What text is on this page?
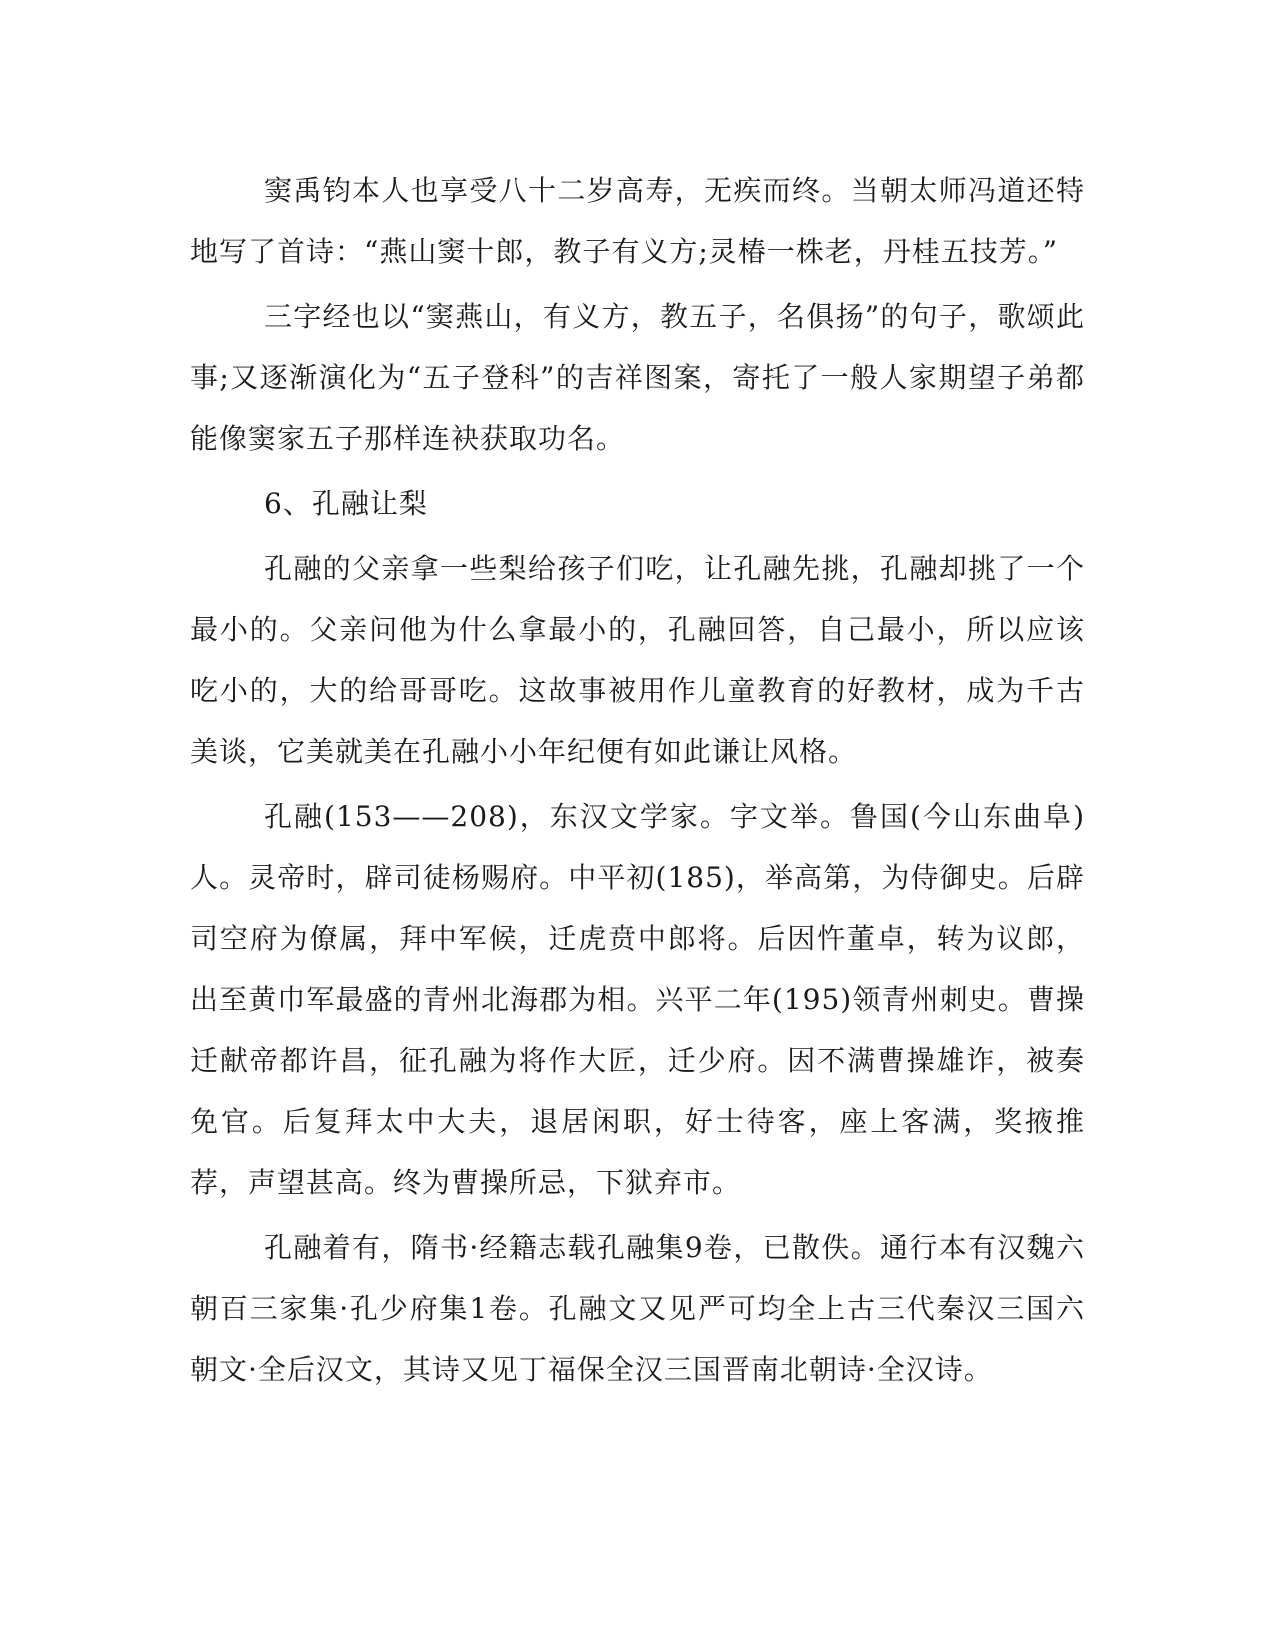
窦禹钧本人也享受八十二岁高寿，无疾而终。当朝太师冯道还特地写了首诗：“燕山窦十郎，教子有义方;灵椿一株老，丹桂五技芳。”

三字经也以“窦燕山，有义方，教五子，名俱扬”的句子，歌颂此事;又逐渐演化为“五子登科”的吉祥图案，寄托了一般人家期望子弟都能像窦家五子那样连袂获取功名。

6、孔融让梨

孔融的父亲拿一些梨给孩子们吃，让孔融先挑，孔融却挑了一个最小的。父亲问他为什么拿最小的，孔融回答，自己最小，所以应该吃小的，大的给哥哥吃。这故事被用作儿童教育的好教材，成为千古美谈，它美就美在孔融小小年纪便有如此谦让风格。

孔融(153——208)，东汉文学家。字文举。鲁国(今山东曲阜)人。灵帝时，辟司徒杨赐府。中平初(185)，举高第，为侍御史。后辟司空府为僚属，拜中军候，迁虎贲中郎将。后因忤董卓，转为议郎，出至黄巾军最盛的青州北海郡为相。兴平二年(195)领青州刺史。曹操迁献帝都许昌，征孔融为将作大匠，迁少府。因不满曹操雄诈，被奏免官。后复拜太中大夫，退居闲职，好士待客，座上客满，奖掖推荐，声望甚高。终为曹操所忌，下狱弃市。

孔融着有，隋书·经籍志载孔融集9卷，已散佚。通行本有汉魏六朝百三家集·孔少府集1卷。孔融文又见严可均全上古三代秦汉三国六朝文·全后汉文，其诗又见丁福保全汉三国晋南北朝诗·全汉诗。
